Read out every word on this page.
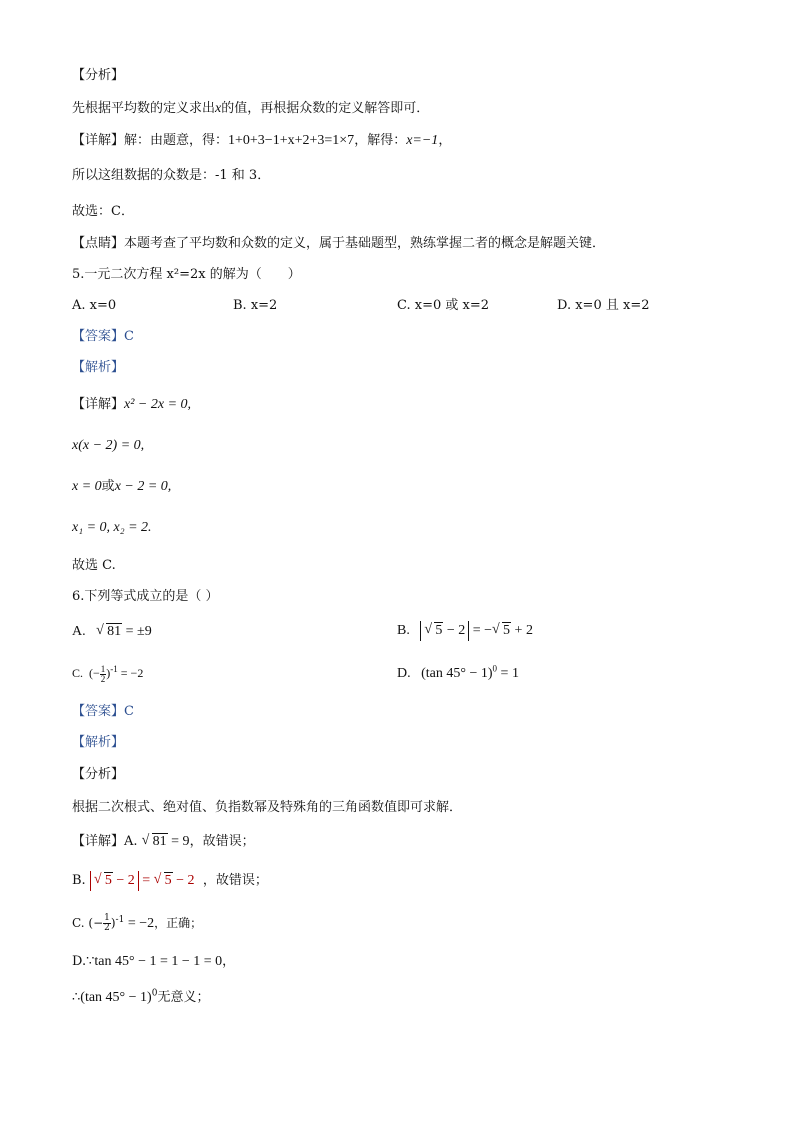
【分析】
先根据平均数的定义求出x的值，再根据众数的定义解答即可．
【详解】解：由题意，得：1+0+3−1+x+2+3=1×7，解得：x=−1，
所以这组数据的众数是：-1 和 3．
故选：C．
【点睛】本题考查了平均数和众数的定义，属于基础题型，熟练掌握二者的概念是解题关键．
5.一元二次方程 x²=2x 的解为（　　）
A. x=0	B. x=2	C. x=0 或 x=2	D. x=0 且 x=2
【答案】C
【解析】
【详解】x² − 2x = 0,
x(x − 2) = 0,
x = 0或x − 2 = 0,
x₁ = 0, x₂ = 2.
故选 C.
6.下列等式成立的是（ ）
A. √ 81 = ±9	B. √ 5 − 2 = − √ 5 + 2
C.  (− $\frac{1}{2} )^{-1} = -2$	D. (tan 45° − 1)$^0$ = 1
【答案】C
【解析】
【分析】
根据二次根式、绝对值、负指数幂及特殊角的三角函数值即可求解．
【详解】A. √ 81 = 9，故错误；
B. √ 5 − 2 = √ 5 − 2 ，故错误；
C. (− $\frac{1}{2} )^{-1} = -2$，正确；
D.∵tan 45° − 1 = 1 − 1 = 0，
∴(tan 45° − 1)$^0$无意义；
